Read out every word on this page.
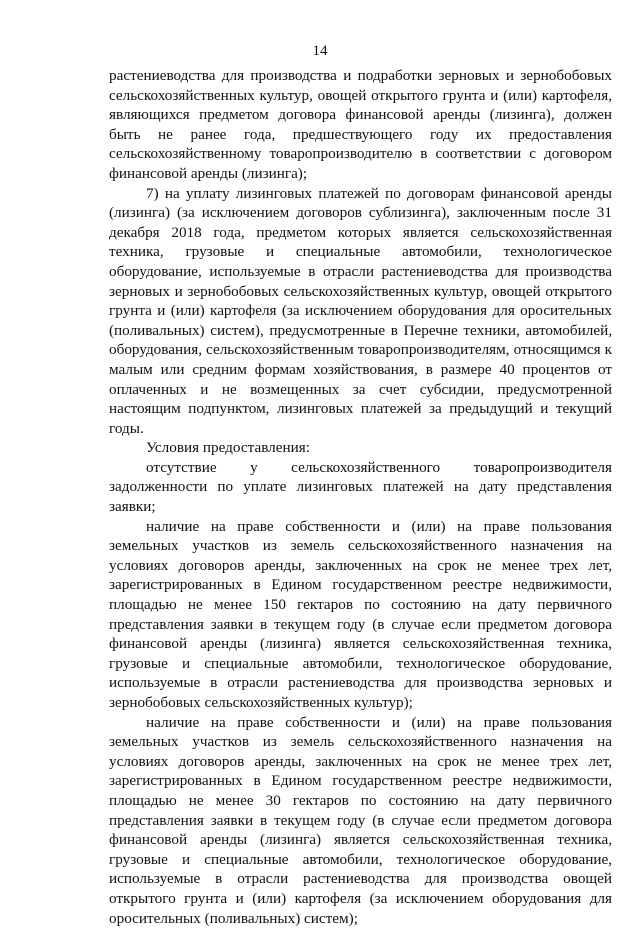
14

растениеводства для производства и подработки зерновых и зернобобовых сельскохозяйственных культур, овощей открытого грунта и (или) картофеля, являющихся предметом договора финансовой аренды (лизинга), должен быть не ранее года, предшествующего году их предоставления сельскохозяйственному товаропроизводителю в соответствии с договором финансовой аренды (лизинга);

7) на уплату лизинговых платежей по договорам финансовой аренды (лизинга) (за исключением договоров сублизинга), заключенным после 31 декабря 2018 года, предметом которых является сельскохозяйственная техника, грузовые и специальные автомобили, технологическое оборудование, используемые в отрасли растениеводства для производства зерновых и зернобобовых сельскохозяйственных культур, овощей открытого грунта и (или) картофеля (за исключением оборудования для оросительных (поливальных) систем), предусмотренные в Перечне техники, автомобилей, оборудования, сельскохозяйственным товаропроизводителям, относящимся к малым или средним формам хозяйствования, в размере 40 процентов от оплаченных и не возмещенных за счет субсидии, предусмотренной настоящим подпунктом, лизинговых платежей за предыдущий и текущий годы.

Условия предоставления:

отсутствие у сельскохозяйственного товаропроизводителя задолженности по уплате лизинговых платежей на дату представления заявки;

наличие на праве собственности и (или) на праве пользования земельных участков из земель сельскохозяйственного назначения на условиях договоров аренды, заключенных на срок не менее трех лет, зарегистрированных в Едином государственном реестре недвижимости, площадью не менее 150 гектаров по состоянию на дату первичного представления заявки в текущем году (в случае если предметом договора финансовой аренды (лизинга) является сельскохозяйственная техника, грузовые и специальные автомобили, технологическое оборудование, используемые в отрасли растениеводства для производства зерновых и зернобобовых сельскохозяйственных культур);

наличие на праве собственности и (или) на праве пользования земельных участков из земель сельскохозяйственного назначения на условиях договоров аренды, заключенных на срок не менее трех лет, зарегистрированных в Едином государственном реестре недвижимости, площадью не менее 30 гектаров по состоянию на дату первичного представления заявки в текущем году (в случае если предметом договора финансовой аренды (лизинга) является сельскохозяйственная техника, грузовые и специальные автомобили, технологическое оборудование, используемые в отрасли растениеводства для производства овощей открытого грунта и (или) картофеля (за исключением оборудования для оросительных (поливальных) систем);
